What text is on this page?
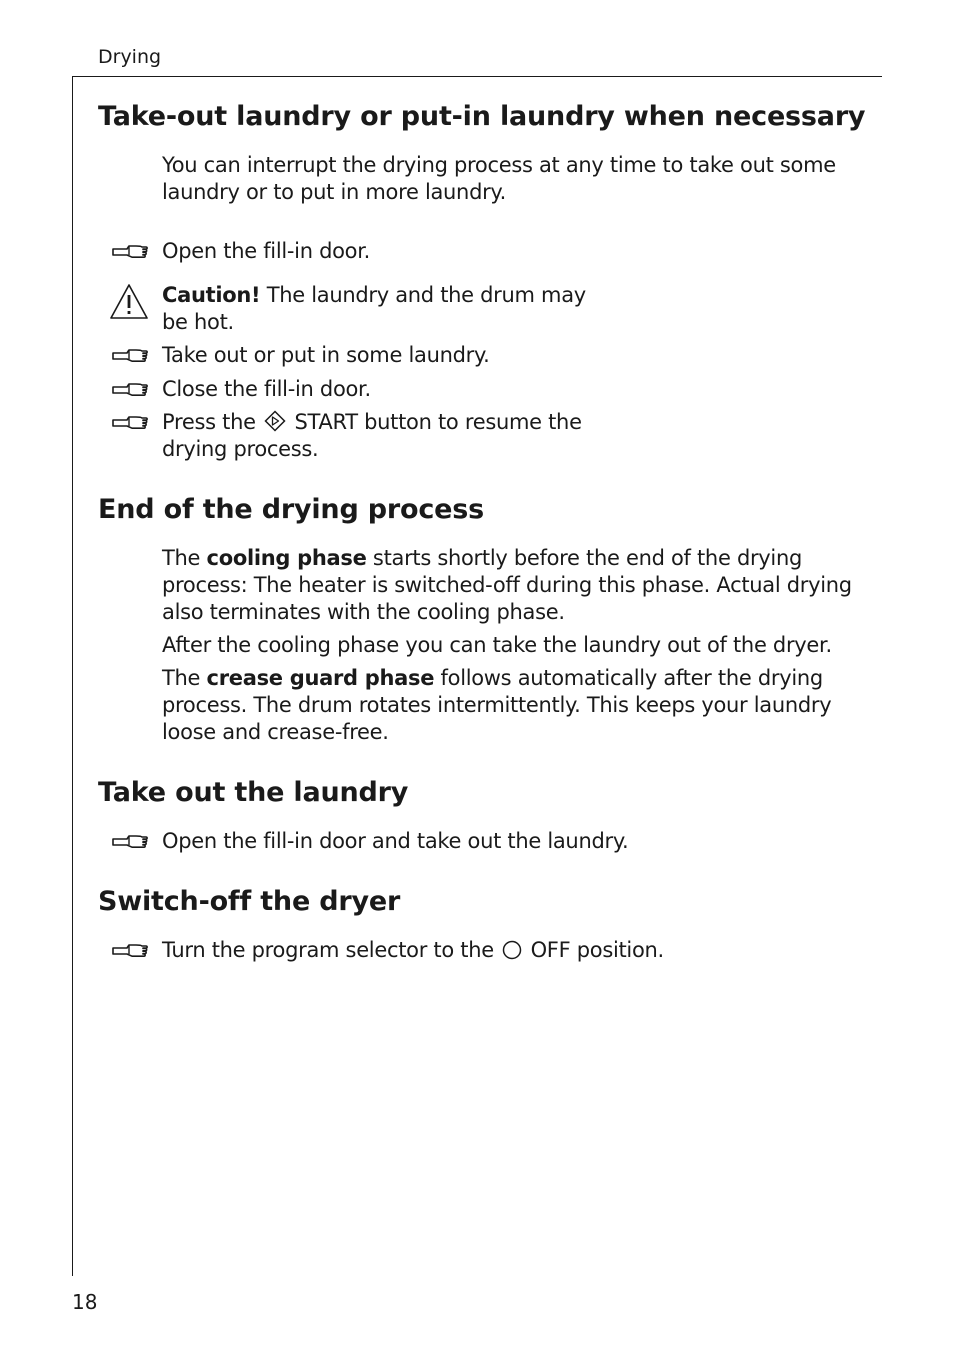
Drying
Take-out laundry or put-in laundry when necessary
You can interrupt the drying process at any time to take out some laundry or to put in more laundry.
Open the fill-in door.
Caution! The laundry and the drum may be hot.
Take out or put in some laundry.
Close the fill-in door.
Press the  START button to resume the drying process.
End of the drying process
The cooling phase starts shortly before the end of the drying process: The heater is switched-off during this phase. Actual drying also terminates with the cooling phase.
After the cooling phase you can take the laundry out of the dryer.
The crease guard phase follows automatically after the drying process. The drum rotates intermittently. This keeps your laundry loose and crease-free.
Take out the laundry
Open the fill-in door and take out the laundry.
Switch-off the dryer
Turn the program selector to the  OFF position.
18
